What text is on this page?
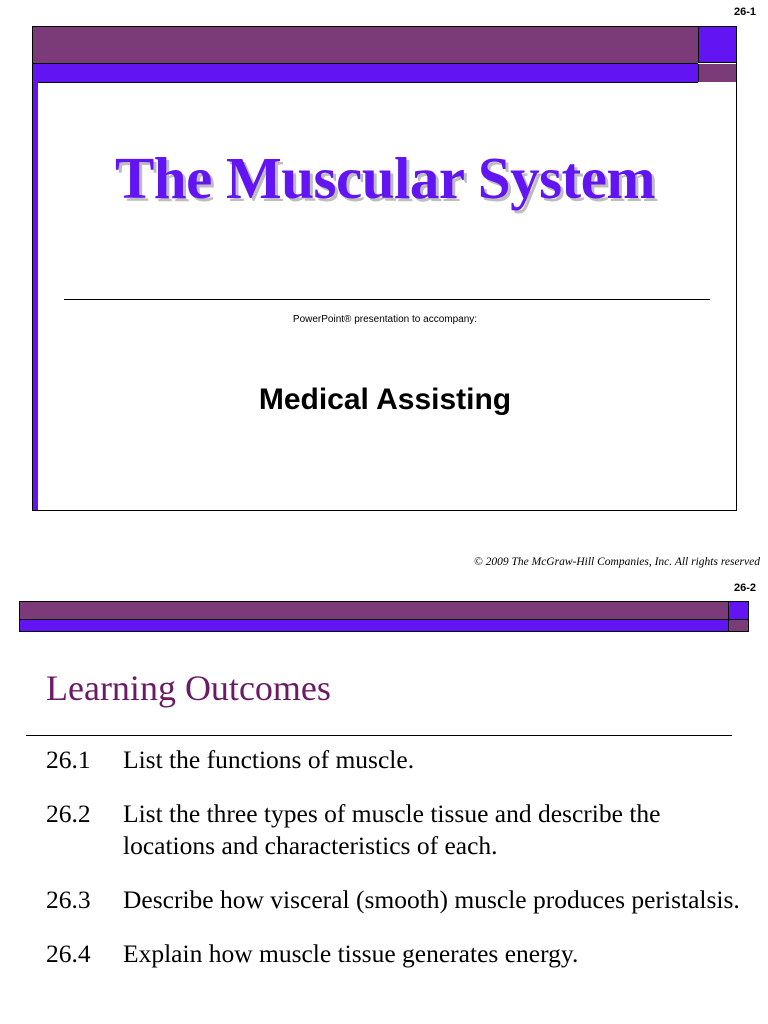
26-1
The Muscular System
PowerPoint® presentation to accompany:
Medical Assisting
© 2009 The McGraw-Hill Companies, Inc. All rights reserved
26-2
Learning Outcomes
26.1	List the functions of muscle.
26.2	List the three types of muscle tissue and describe the locations and characteristics of each.
26.3	Describe how visceral (smooth) muscle produces peristalsis.
26.4	Explain how muscle tissue generates energy.
